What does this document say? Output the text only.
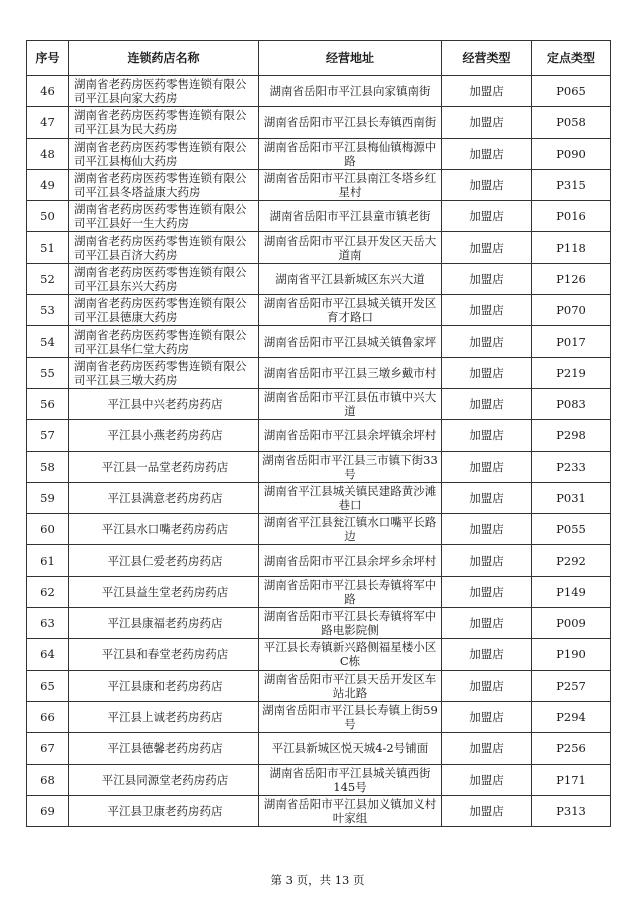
序号	连锁药店名称	经营地址	经营类型	定点类型
46	湖南省老药房医药零售连锁有限公司平江县向家大药房	湖南省岳阳市平江县向家镇南街	加盟店	P065
47	湖南省老药房医药零售连锁有限公司平江县为民大药房	湖南省岳阳市平江县长寿镇西南街	加盟店	P058
48	湖南省老药房医药零售连锁有限公司平江县梅仙大药房	湖南省岳阳市平江县梅仙镇梅源中路	加盟店	P090
49	湖南省老药房医药零售连锁有限公司平江县冬塔益康大药房	湖南省岳阳市平江县南江冬塔乡红星村	加盟店	P315
50	湖南省老药房医药零售连锁有限公司平江县好一生大药房	湖南省岳阳市平江县童市镇老街	加盟店	P016
51	湖南省老药房医药零售连锁有限公司平江县百济大药房	湖南省岳阳市平江县开发区天岳大道南	加盟店	P118
52	湖南省老药房医药零售连锁有限公司平江县东兴大药房	湖南省平江县新城区东兴大道	加盟店	P126
53	湖南省老药房医药零售连锁有限公司平江县德康大药房	湖南省岳阳市平江县城关镇开发区育才路口	加盟店	P070
54	湖南省老药房医药零售连锁有限公司平江县华仁堂大药房	湖南省岳阳市平江县城关镇鲁家坪	加盟店	P017
55	湖南省老药房医药零售连锁有限公司平江县三墩大药房	湖南省岳阳市平江县三墩乡戴市村	加盟店	P219
56	平江县中兴老药房药店	湖南省岳阳市平江县伍市镇中兴大道	加盟店	P083
57	平江县小燕老药房药店	湖南省岳阳市平江县余坪镇余坪村	加盟店	P298
58	平江县一品堂老药房药店	湖南省岳阳市平江县三市镇下街33号	加盟店	P233
59	平江县满意老药房药店	湖南省平江县城关镇民建路黄沙滩巷口	加盟店	P031
60	平江县水口嘴老药房药店	湖南省平江县瓮江镇水口嘴平长路边	加盟店	P055
61	平江县仁爱老药房药店	湖南省岳阳市平江县余坪乡余坪村	加盟店	P292
62	平江县益生堂老药房药店	湖南省岳阳市平江县长寿镇将军中路	加盟店	P149
63	平江县康福老药房药店	湖南省岳阳市平江县长寿镇将军中路电影院侧	加盟店	P009
64	平江县和春堂老药房药店	平江县长寿镇新兴路侧福星楼小区C栋	加盟店	P190
65	平江县康和老药房药店	湖南省岳阳市平江县天岳开发区车站北路	加盟店	P257
66	平江县上诚老药房药店	湖南省岳阳市平江县长寿镇上街59号	加盟店	P294
67	平江县德馨老药房药店	平江县新城区悦天城4-2号铺面	加盟店	P256
68	平江县同源堂老药房药店	湖南省岳阳市平江县城关镇西街145号	加盟店	P171
69	平江县卫康老药房药店	湖南省岳阳市平江县加义镇加义村叶家组	加盟店	P313
第 3 页，共 13 页
